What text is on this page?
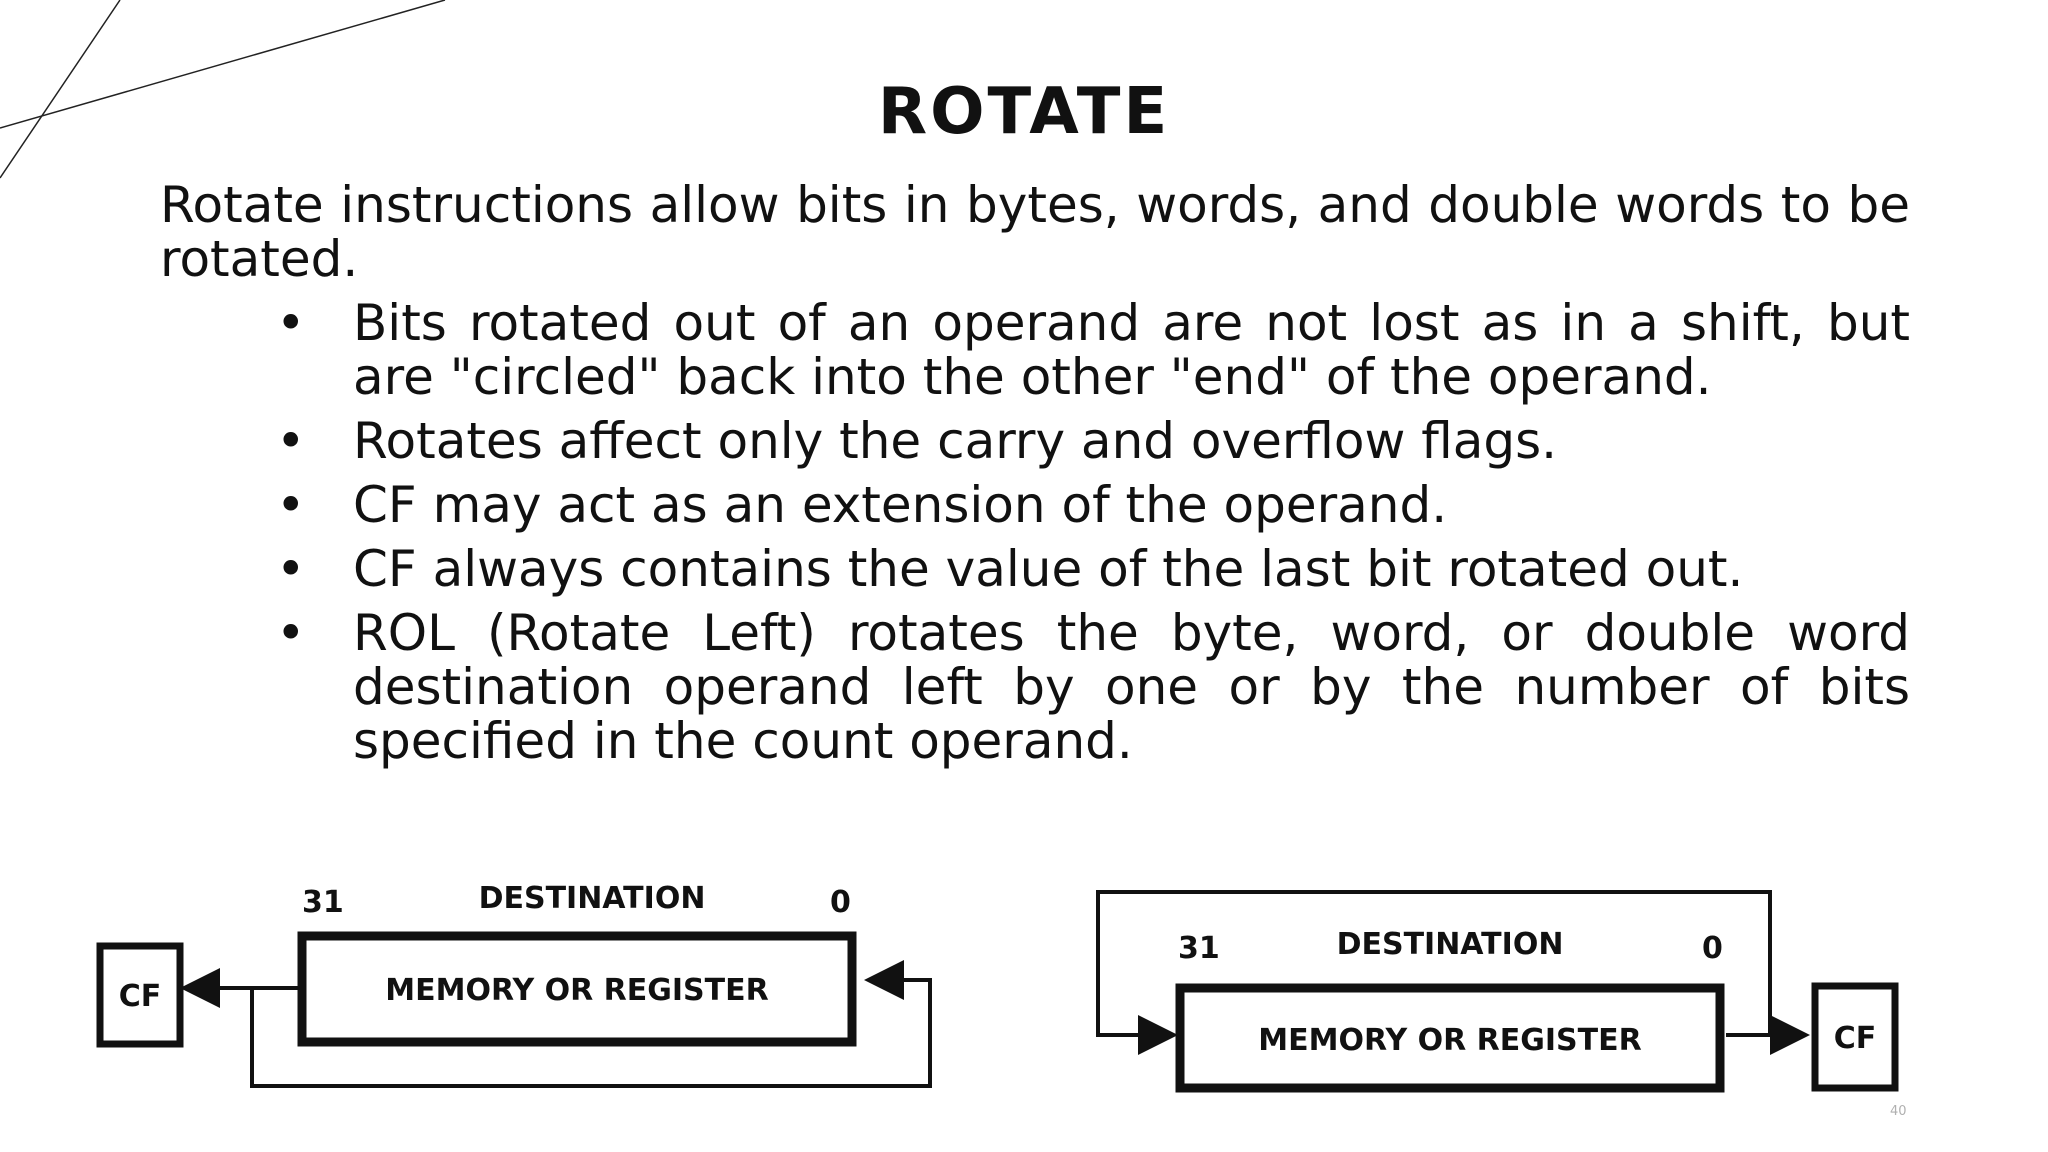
ROTATE

Rotate instructions allow bits in bytes, words, and double words to be rotated.

• Bits rotated out of an operand are not lost as in a shift, but are "circled" back into the other "end" of the operand.
• Rotates affect only the carry and overflow flags.
• CF may act as an extension of the operand.
• CF always contains the value of the last bit rotated out.
• ROL (Rotate Left) rotates the byte, word, or double word destination operand left by one or by the number of bits specified in the count operand.
31	DESTINATION	0
MEMORY OR REGISTER
CF
31	DESTINATION	0
MEMORY OR REGISTER	CF
40
